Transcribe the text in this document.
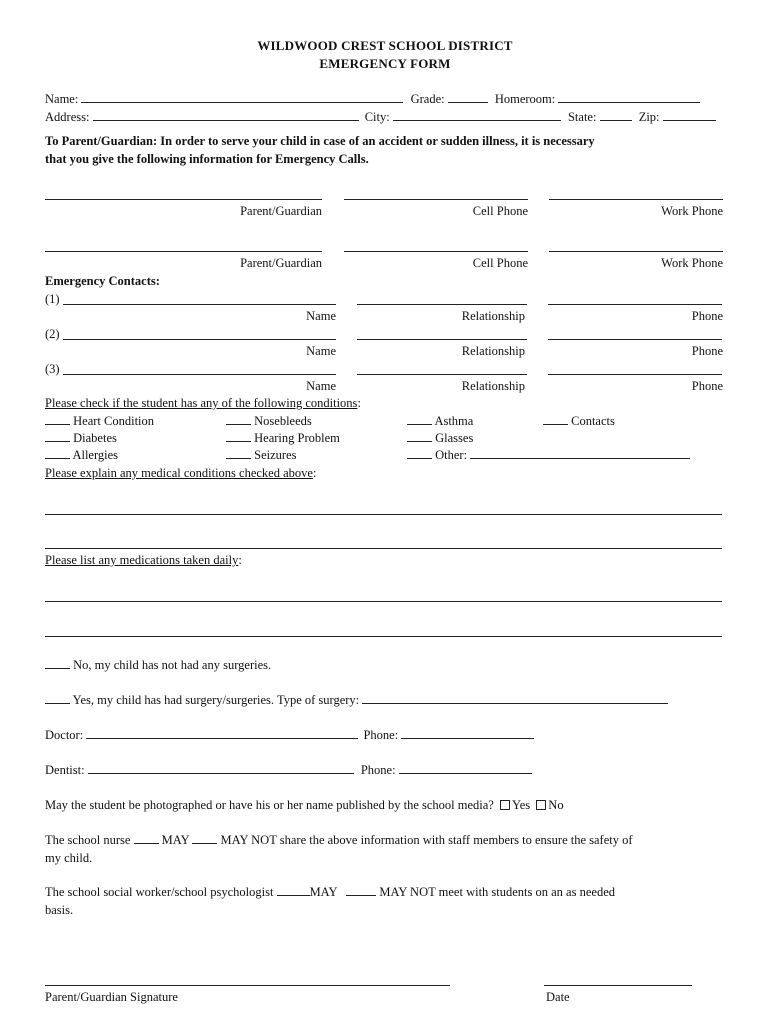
WILDWOOD CREST SCHOOL DISTRICT
EMERGENCY FORM
Name:	Grade:	Homeroom:
Address:	City:	State:	Zip:
To Parent/Guardian: In order to serve your child in case of an accident or sudden illness, it is necessary
that you give the following information for Emergency Calls.
Parent/Guardian	Cell Phone	Work Phone
Parent/Guardian	Cell Phone	Work Phone
Emergency Contacts:
(1)
Name	Relationship	Phone
(2)
Name	Relationship	Phone
(3)
Name	Relationship	Phone
Please check if the student has any of the following conditions:
Heart Condition	Nosebleeds	Asthma	Contacts
Diabetes	Hearing Problem	Glasses
Allergies	Seizures	Other:
Please explain any medical conditions checked above:
Please list any medications taken daily:
No, my child has not had any surgeries.
Yes, my child has had surgery/surgeries. Type of surgery:
Doctor:	Phone:
Dentist:	Phone:
May the student be photographed or have his or her name published by the school media? Yes No
The school nurse	MAY	MAY NOT share the above information with staff members to ensure the safety of
my child.
The school social worker/school psychologist	MAY	MAY NOT meet with students on an as needed
basis.
Parent/Guardian Signature	Date
